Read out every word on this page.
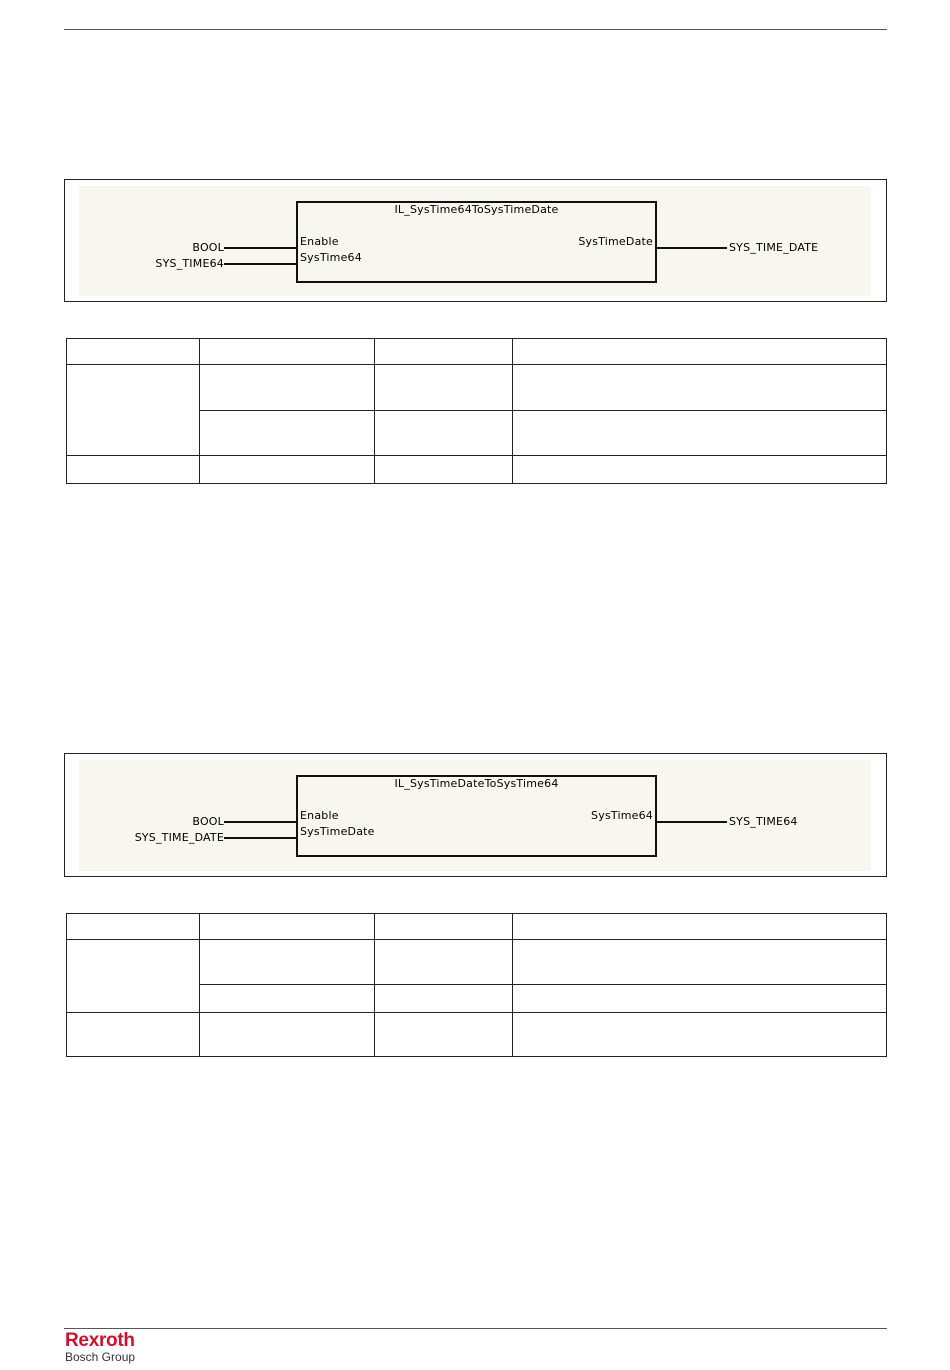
BOOL
SYS_TIME64
IL_SysTime64ToSysTimeDate
Enable
SysTime64
SysTimeDate	SYS_TIME_DATE

BOOL
SYS_TIME_DATE
IL_SysTimeDateToSysTime64
Enable
SysTimeDate
SysTime64	SYS_TIME64

Rexroth
Bosch Group
